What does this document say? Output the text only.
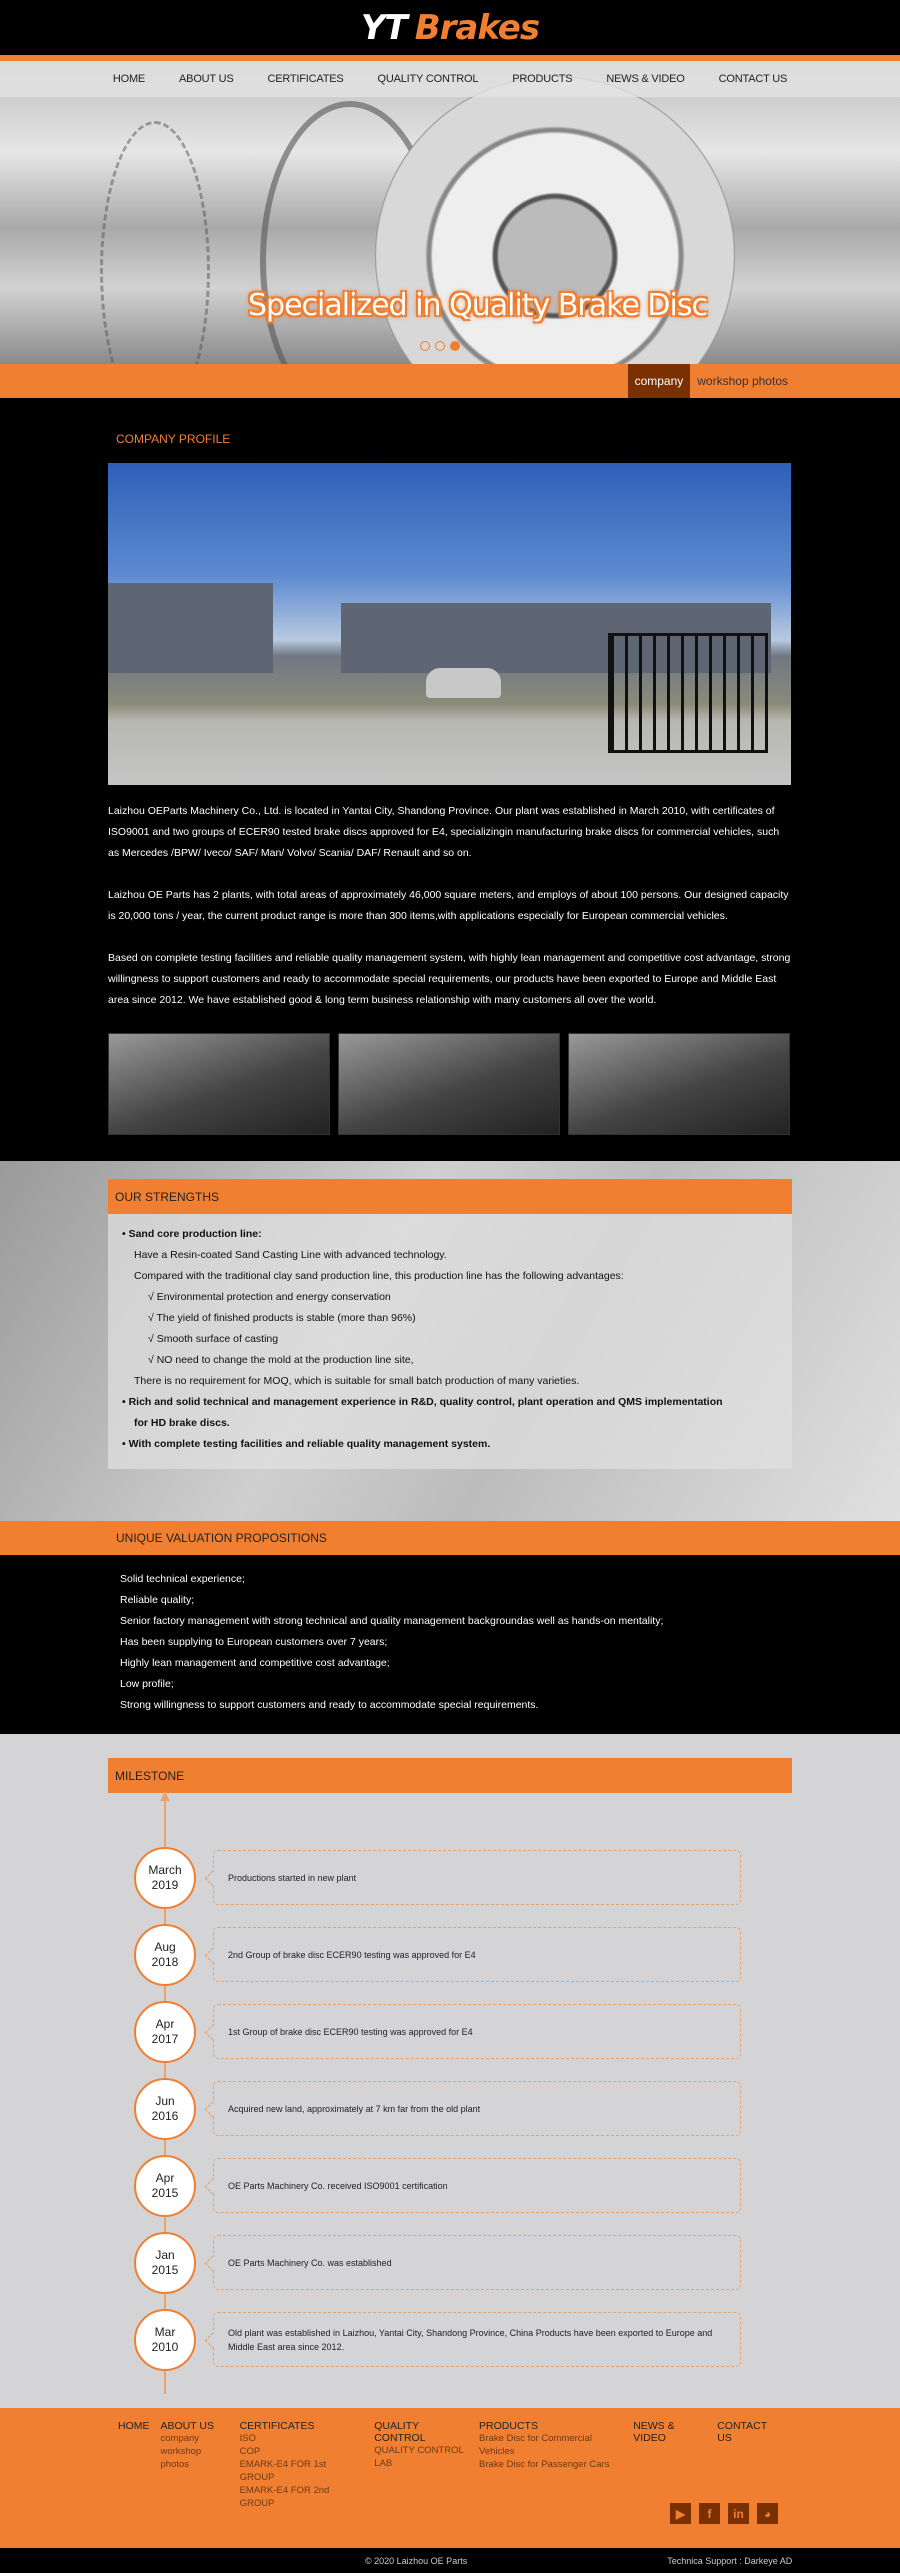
YT Brakes
HOME	ABOUT US	CERTIFICATES	QUALITY CONTROL	PRODUCTS	NEWS & VIDEO	CONTACT US
Specialized in Quality Brake Disc
company	workshop photos
COMPANY PROFILE

Laizhou OEParts Machinery Co., Ltd. is located in Yantai City, Shandong Province. Our plant was established in March 2010, with certificates of ISO9001 and two groups of ECER90 tested brake discs approved for E4, specializingin manufacturing brake discs for commercial vehicles, such as Mercedes /BPW/ Iveco/ SAF/ Man/ Volvo/ Scania/ DAF/ Renault and so on.

Laizhou OE Parts has 2 plants, with total areas of approximately 46,000 square meters, and employs of about 100 persons. Our designed capacity is 20,000 tons / year, the current product range is more than 300 items,with applications especially for European commercial vehicles.

Based on complete testing facilities and reliable quality management system, with highly lean management and competitive cost advantage, strong willingness to support customers and ready to accommodate special requirements, our products have been exported to Europe and Middle East area since 2012. We have established good & long term business relationship with many customers all over the world.

OUR STRENGTHS
• Sand core production line:
Have a Resin-coated Sand Casting Line with advanced technology.
Compared with the traditional clay sand production line, this production line has the following advantages:
√ Environmental protection and energy conservation
√ The yield of finished products is stable (more than 96%)
√ Smooth surface of casting
√ NO need to change the mold at the production line site,
There is no requirement for MOQ, which is suitable for small batch production of many varieties.
• Rich and solid technical and management experience in R&D, quality control, plant operation and QMS implementation
for HD brake discs.
• With complete testing facilities and reliable quality management system.
UNIQUE VALUATION PROPOSITIONS
Solid technical experience;
Reliable quality;
Senior factory management with strong technical and quality management backgroundas well as hands-on mentality;
Has been supplying to European customers over 7 years;
Highly lean management and competitive cost advantage;
Low profile;
Strong willingness to support customers and ready to accommodate special requirements.
MILESTONE
March
2019	Productions started in new plant
Aug
2018	2nd Group of brake disc ECER90 testing was approved for E4
Apr
2017	1st Group of brake disc ECER90 testing was approved for E4
Jun
2016	Acquired new land, approximately at 7 km far from the old plant
Apr
2015	OE Parts Machinery Co. received ISO9001 certification
Jan
2015	OE Parts Machinery Co. was established
Mar
2010
Old plant was established in Laizhou, Yantai City, Shandong Province, China Products have been exported to Europe and Middle East area since 2012.
HOME ABOUT US
company
workshop photos
CERTIFICATES
ISO
COP
EMARK-E4 FOR 1st GROUP
EMARK-E4 FOR 2nd GROUP
QUALITY CONTROL
QUALITY CONTROL
LAB
PRODUCTS
Brake Disc for Commercial Vehicles
Brake Disc for Passenger Cars
NEWS & VIDEO
CONTACT US
▶	f	in	◕
© 2020 Laizhou OE Parts	Technica Support : Darkeye AD
